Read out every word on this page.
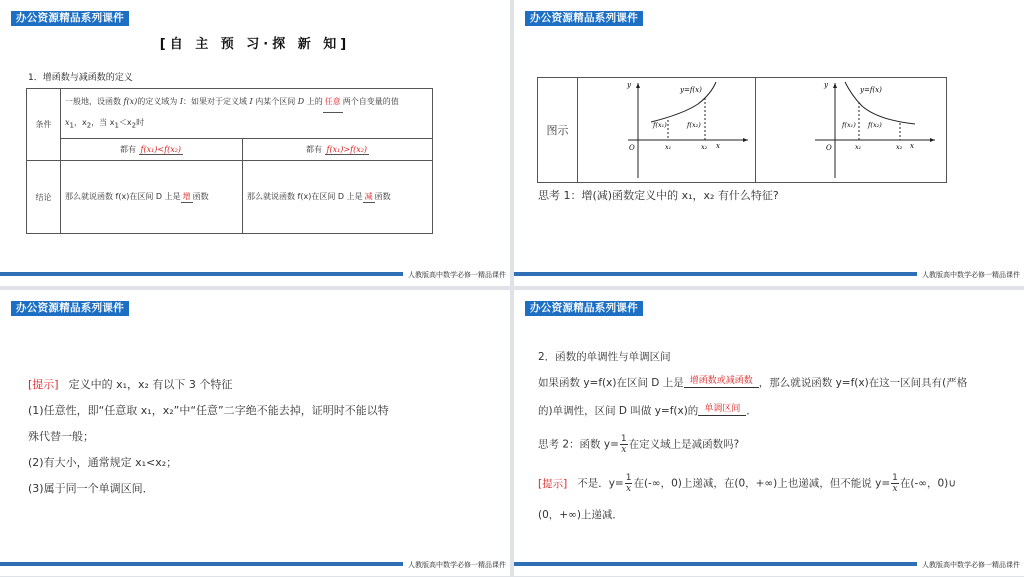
办公资源精品系列课件
[自 主 预 习·探 新 知]
1．增函数与减函数的定义
条件	一般地，设函数 f(x)的定义域为 I：如果对于定义域 I 内某个区间 D 上的 任意 两个自变量的值
$x_1$，$x_2$，当 $x_1<x_2$时	
	都有 f(x₁)<f(x₂)	都有 f(x₁)>f(x₂)
结论	那么就说函数 f(x)在区间 D 上是 增 函数	那么就说函数 f(x)在区间 D 上是 减 函数
人教版高中数学必修一精品课件
办公资源精品系列课件
图示
y
y=f(x)
f(x₁)	f(x₂)
O	x₁	x₂ x
y
y=f(x)
f(x₁) f(x₂)
O	x₁	x₂ x
思考 1：增(减)函数定义中的 x₁，x₂ 有什么特征?
人教版高中数学必修一精品课件
办公资源精品系列课件
[提示] 定义中的 x₁，x₂ 有以下 3 个特征
(1)任意性，即“任意取 x₁，x₂”中“任意”二字绝不能去掉，证明时不能以特
殊代替一般；
(2)有大小，通常规定 x₁<x₂；
(3)属于同一个单调区间．
人教版高中数学必修一精品课件
办公资源精品系列课件
2．函数的单调性与单调区间
如果函数 y=f(x)在区间 D 上是 增函数或减函数 ，那么就说函数 y=f(x)在这一区间具有(严格
的)单调性，区间 D 叫做 y=f(x)的 单调区间 ．
思考 2：函数 $y= \frac{1}{x}$ 在定义域上是减函数吗?
[提示] 不是．$y= \frac{1}{x}$ 在(-∞，0)上递减，在(0，+∞)上也递减，但不能说 $y= \frac{1}{x}$ 在(-∞，0)∪
(0，+∞)上递减．
人教版高中数学必修一精品课件
